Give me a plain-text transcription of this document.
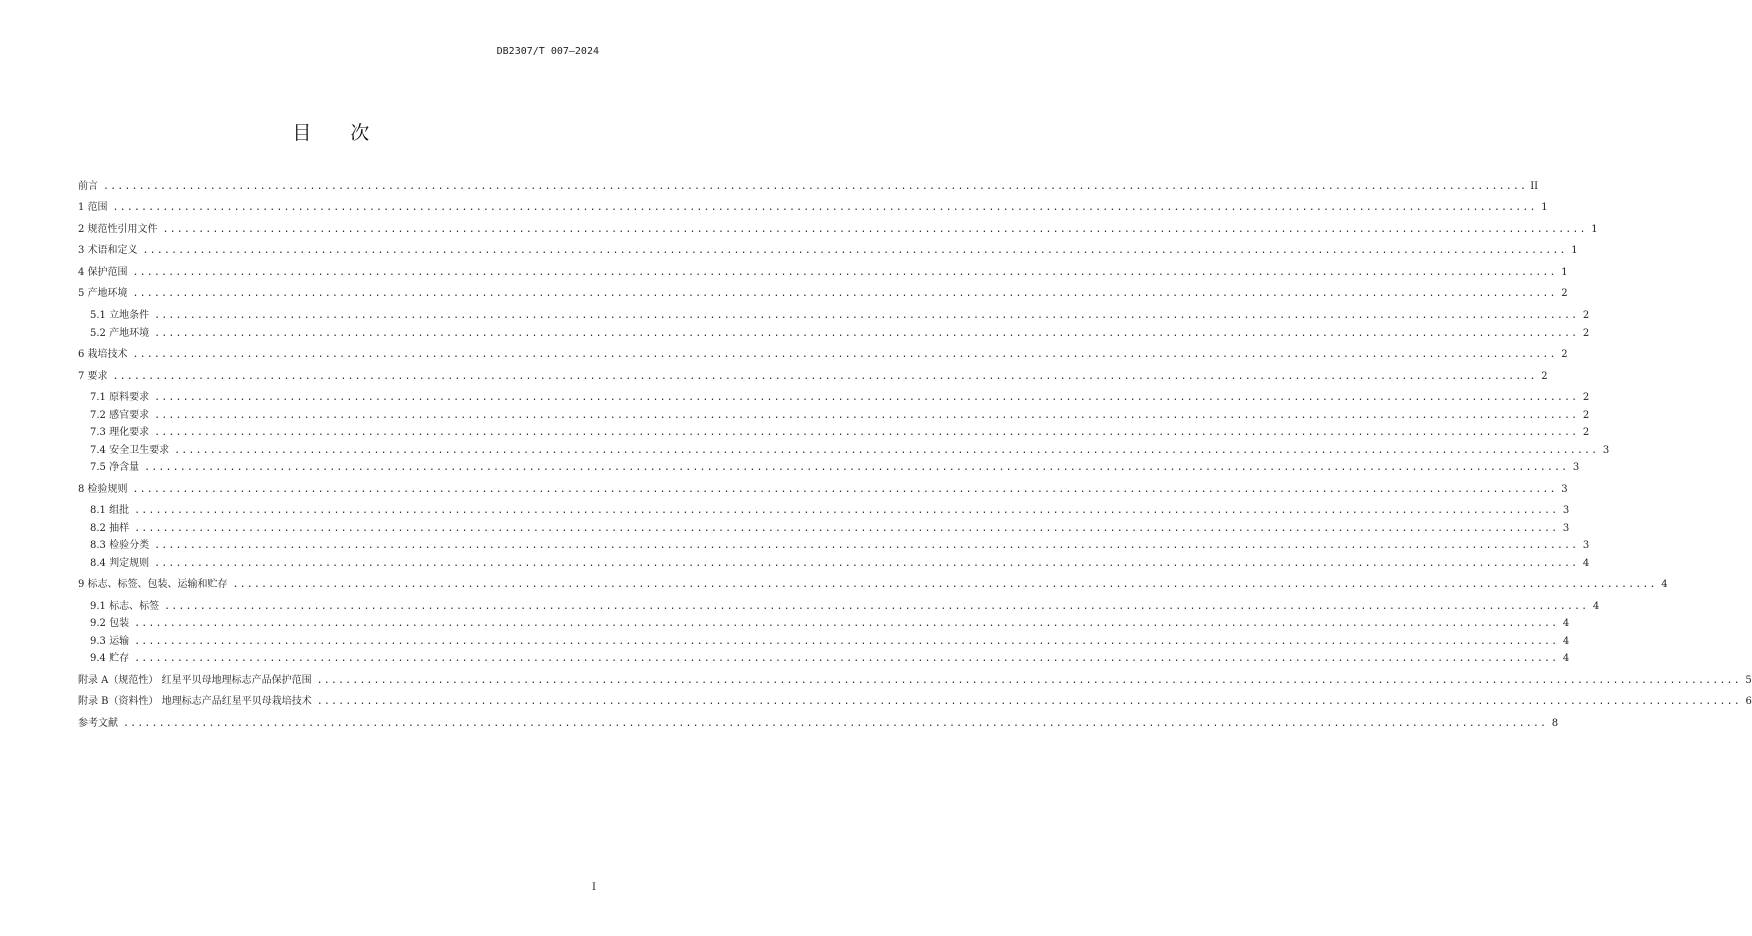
DB2307/T 007—2024
目　　次
前言 ........................................................................................................................................................................................................ II
1 范围 ........................................................................................................................................................................................................ 1
2 规范性引用文件 ........................................................................................................................................................................................................ 1
3 术语和定义 ........................................................................................................................................................................................................ 1
4 保护范围 ........................................................................................................................................................................................................ 1
5 产地环境 ........................................................................................................................................................................................................ 2
5.1 立地条件 ........................................................................................................................................................................................................ 2
5.2 产地环境 ........................................................................................................................................................................................................ 2
6 栽培技术 ........................................................................................................................................................................................................ 2
7 要求 ........................................................................................................................................................................................................ 2
7.1 原料要求 ........................................................................................................................................................................................................ 2
7.2 感官要求 ........................................................................................................................................................................................................ 2
7.3 理化要求 ........................................................................................................................................................................................................ 2
7.4 安全卫生要求 ........................................................................................................................................................................................................ 3
7.5 净含量 ........................................................................................................................................................................................................ 3
8 检验规则 ........................................................................................................................................................................................................ 3
8.1 组批 ........................................................................................................................................................................................................ 3
8.2 抽样 ........................................................................................................................................................................................................ 3
8.3 检验分类 ........................................................................................................................................................................................................ 3
8.4 判定规则 ........................................................................................................................................................................................................ 4
9 标志、标签、包装、运输和贮存 ........................................................................................................................................................................................................ 4
9.1 标志、标签 ........................................................................................................................................................................................................ 4
9.2 包装 ........................................................................................................................................................................................................ 4
9.3 运输 ........................................................................................................................................................................................................ 4
9.4 贮存 ........................................................................................................................................................................................................ 4
附录 A（规范性） 红星平贝母地理标志产品保护范围 ........................................................................................................................................................................................................ 5
附录 B（资料性） 地理标志产品红星平贝母栽培技术 ........................................................................................................................................................................................................ 6
参考文献 ........................................................................................................................................................................................................ 8
I
